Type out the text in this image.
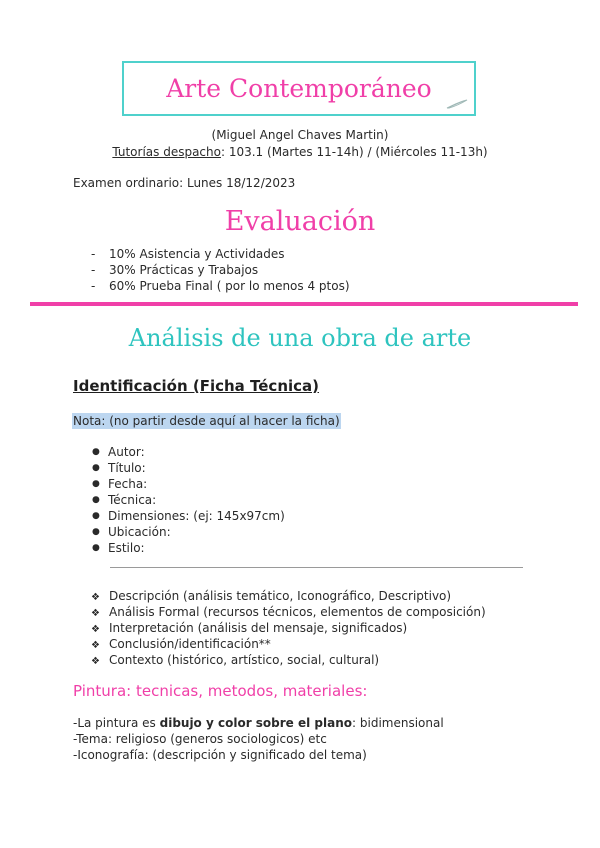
Arte Contemporáneo
(Miguel Angel Chaves Martin)
Tutorías despacho: 103.1 (Martes 11-14h) / (Miércoles 11-13h)
Examen ordinario: Lunes 18/12/2023
Evaluación
- 10% Asistencia y Actividades
- 30% Prácticas y Trabajos
- 60% Prueba Final ( por lo menos 4 ptos)
Análisis de una obra de arte
Identificación (Ficha Técnica)
Nota: (no partir desde aquí al hacer la ficha)
● Autor:
● Título:
● Fecha:
● Técnica:
● Dimensiones: (ej: 145x97cm)
● Ubicación:
● Estilo:
❖ Descripción (análisis temático, Iconográfico, Descriptivo)
❖ Análisis Formal (recursos técnicos, elementos de composición)
❖ Interpretación (análisis del mensaje, significados)
❖ Conclusión/identificación**
❖ Contexto (histórico, artístico, social, cultural)
Pintura: tecnicas, metodos, materiales:
-La pintura es dibujo y color sobre el plano: bidimensional
-Tema: religioso (generos sociologicos) etc
-Iconografía: (descripción y significado del tema)
